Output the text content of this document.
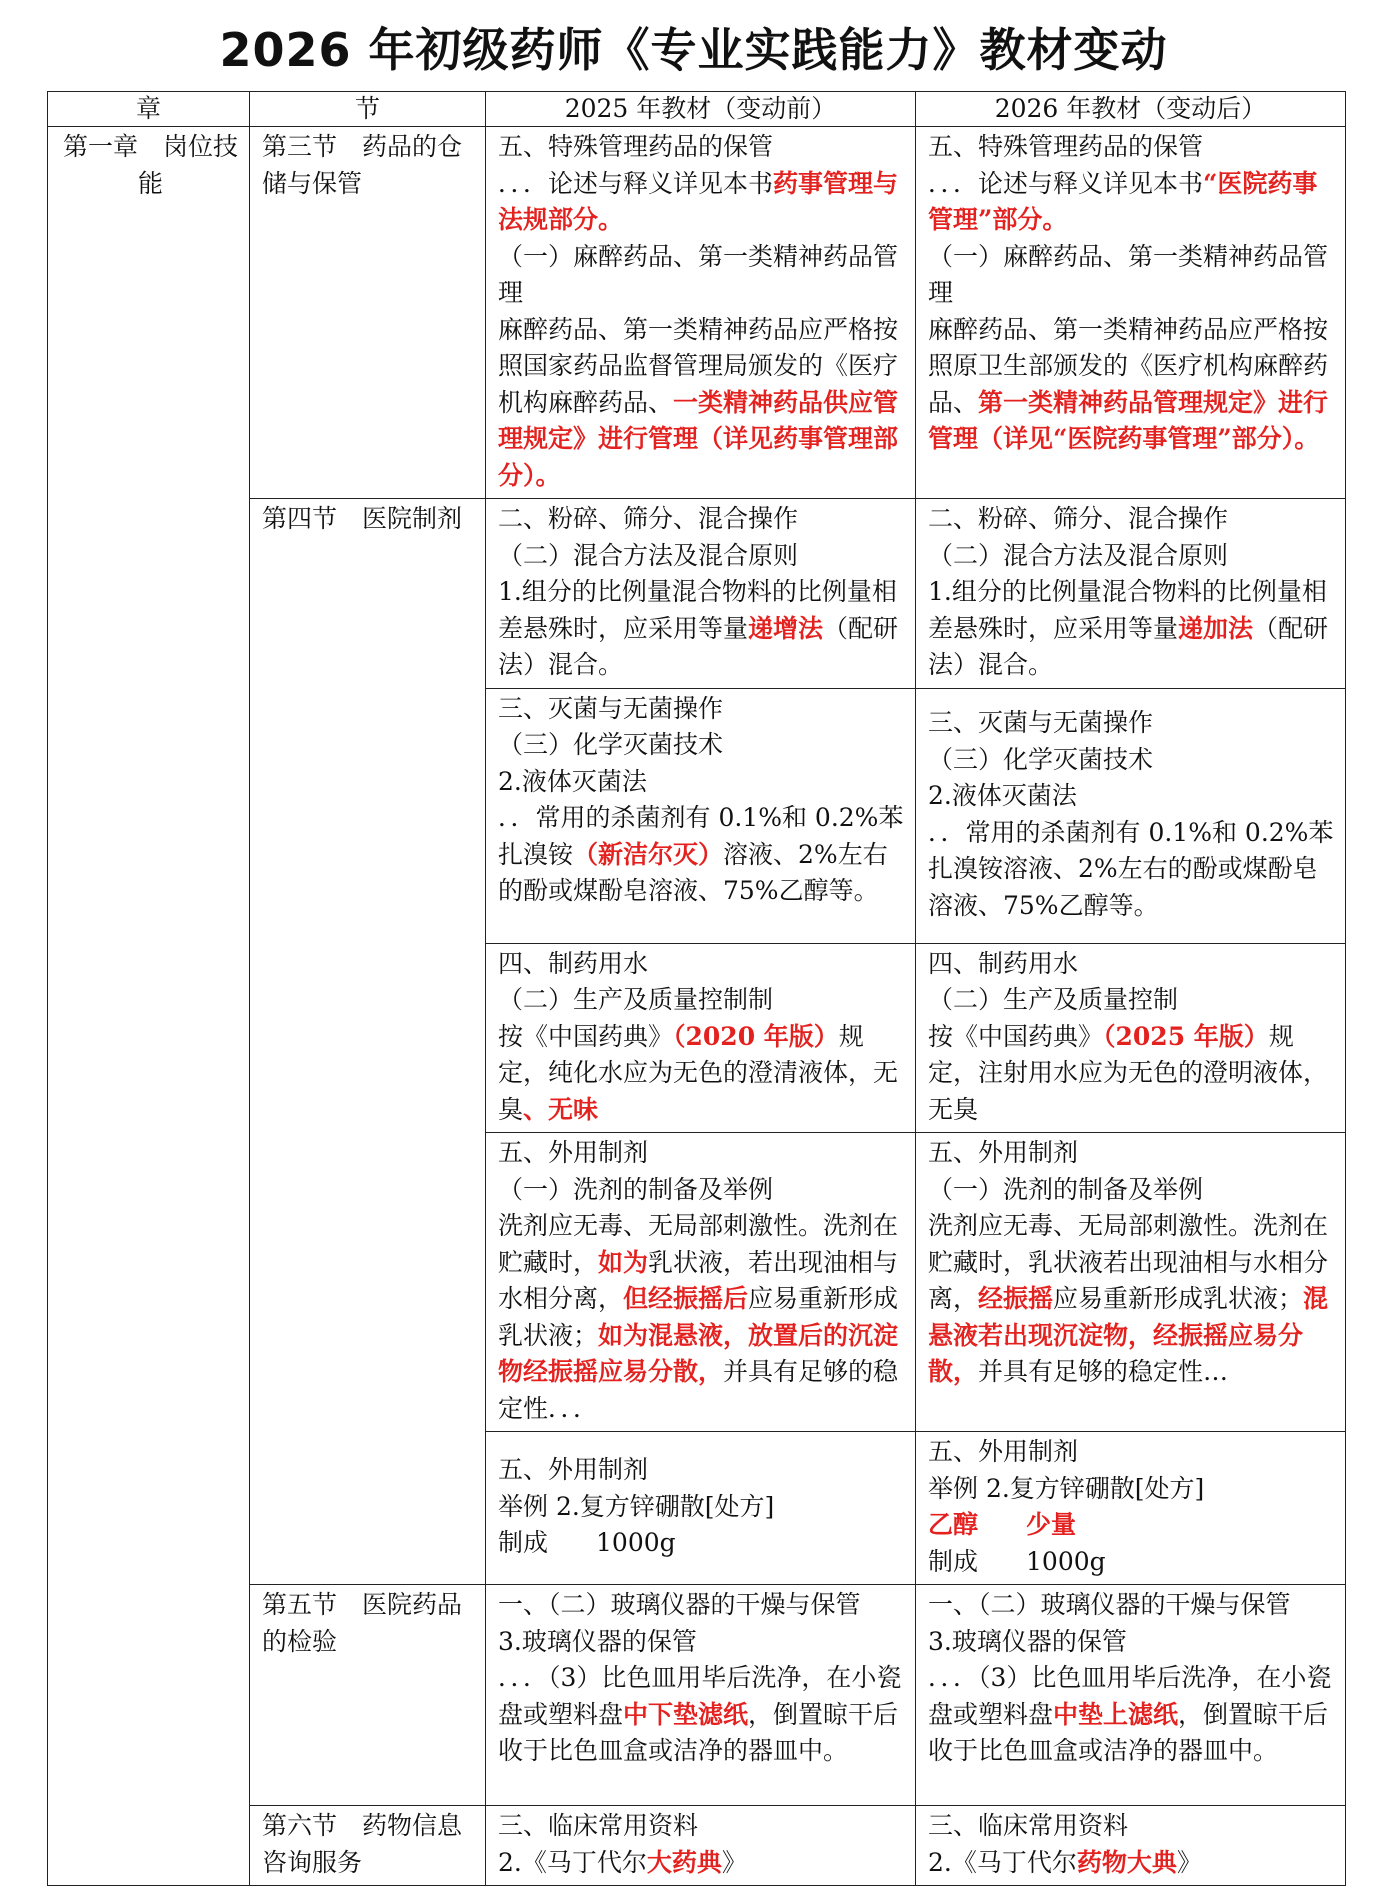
2026 年初级药师《专业实践能力》教材变动
章	节	2025 年教材（变动前）	2026 年教材（变动后）
第一章　岗位技能	第三节　药品的仓储与保管	五、特殊管理药品的保管
．．．论述与释义详见本书药事管理与法规部分。
（一）麻醉药品、第一类精神药品管理
麻醉药品、第一类精神药品应严格按照国家药品监督管理局颁发的《医疗机构麻醉药品、一类精神药品供应管理规定》进行管理（详见药事管理部分）。	五、特殊管理药品的保管
．．．论述与释义详见本书“医院药事管理”部分。
（一）麻醉药品、第一类精神药品管理
麻醉药品、第一类精神药品应严格按照原卫生部颁发的《医疗机构麻醉药品、第一类精神药品管理规定》进行管理（详见“医院药事管理”部分）。
	第四节　医院制剂	二、粉碎、筛分、混合操作
（二）混合方法及混合原则
1.组分的比例量混合物料的比例量相差悬殊时，应采用等量递增法（配研法）混合。	二、粉碎、筛分、混合操作
（二）混合方法及混合原则
1.组分的比例量混合物料的比例量相差悬殊时，应采用等量递加法（配研法）混合。

		三、灭菌与无菌操作
（三）化学灭菌技术
2.液体灭菌法
．．常用的杀菌剂有 0.1%和 0.2%苯扎溴铵（新洁尔灭）溶液、2%左右的酚或煤酚皂溶液、75%乙醇等。	三、灭菌与无菌操作
（三）化学灭菌技术
2.液体灭菌法
．．常用的杀菌剂有 0.1%和 0.2%苯扎溴铵溶液、2%左右的酚或煤酚皂溶液、75%乙醇等。

		四、制药用水
（二）生产及质量控制制
按《中国药典》（2020 年版）规定，纯化水应为无色的澄清液体，无臭、无味	四、制药用水
（二）生产及质量控制
按《中国药典》（2025 年版）规定，注射用水应为无色的澄明液体，无臭

		五、外用制剂
（一）洗剂的制备及举例
洗剂应无毒、无局部刺激性。洗剂在贮藏时，如为乳状液，若出现油相与水相分离，但经振摇后应易重新形成乳状液；如为混悬液，放置后的沉淀物经振摇应易分散，并具有足够的稳定性．．．	五、外用制剂
（一）洗剂的制备及举例
洗剂应无毒、无局部刺激性。洗剂在贮藏时，乳状液若出现油相与水相分离，经振摇应易重新形成乳状液；混悬液若出现沉淀物，经振摇应易分散，并具有足够的稳定性…

		五、外用制剂
举例 2.复方锌硼散[处方]
制成 1000g	五、外用制剂
举例 2.复方锌硼散[处方]
乙醇 少量
制成 1000g

	第五节　医院药品的检验	一、（二）玻璃仪器的干燥与保管
3.玻璃仪器的保管
．．．（3）比色皿用毕后洗净，在小瓷盘或塑料盘中下垫滤纸，倒置晾干后收于比色皿盒或洁净的器皿中。	一、（二）玻璃仪器的干燥与保管
3.玻璃仪器的保管
．．．（3）比色皿用毕后洗净，在小瓷盘或塑料盘中垫上滤纸，倒置晾干后收于比色皿盒或洁净的器皿中。
	第六节　药物信息咨询服务	三、临床常用资料
2.《马丁代尔大药典》	三、临床常用资料
2.《马丁代尔药物大典》
